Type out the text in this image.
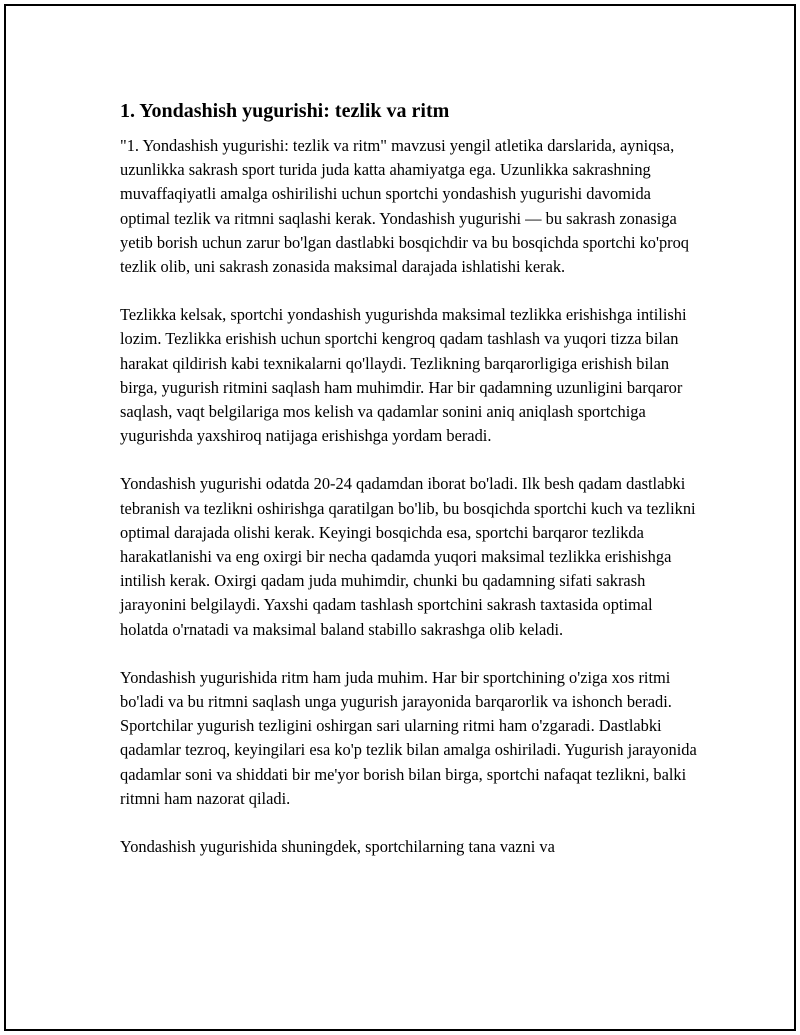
1. Yondashish yugurishi: tezlik va ritm

"1. Yondashish yugurishi: tezlik va ritm" mavzusi yengil atletika darslarida, ayniqsa, uzunlikka sakrash sport turida juda katta ahamiyatga ega. Uzunlikka sakrashning muvaffaqiyatli amalga oshirilishi uchun sportchi yondashish yugurishi davomida optimal tezlik va ritmni saqlashi kerak. Yondashish yugurishi — bu sakrash zonasiga yetib borish uchun zarur bo'lgan dastlabki bosqichdir va bu bosqichda sportchi ko'proq tezlik olib, uni sakrash zonasida maksimal darajada ishlatishi kerak.

Tezlikka kelsak, sportchi yondashish yugurishda maksimal tezlikka erishishga intilishi lozim. Tezlikka erishish uchun sportchi kengroq qadam tashlash va yuqori tizza bilan harakat qildirish kabi texnikalarni qo'llaydi. Tezlikning barqarorligiga erishish bilan birga, yugurish ritmini saqlash ham muhimdir. Har bir qadamning uzunligini barqaror saqlash, vaqt belgilariga mos kelish va qadamlar sonini aniq aniqlash sportchiga yugurishda yaxshiroq natijaga erishishga yordam beradi.

Yondashish yugurishi odatda 20-24 qadamdan iborat bo'ladi. Ilk besh qadam dastlabki tebranish va tezlikni oshirishga qaratilgan bo'lib, bu bosqichda sportchi kuch va tezlikni optimal darajada olishi kerak. Keyingi bosqichda esa, sportchi barqaror tezlikda harakatlanishi va eng oxirgi bir necha qadamda yuqori maksimal tezlikka erishishga intilish kerak. Oxirgi qadam juda muhimdir, chunki bu qadamning sifati sakrash jarayonini belgilaydi. Yaxshi qadam tashlash sportchini sakrash taxtasida optimal holatda o'rnatadi va maksimal baland stabillo sakrashga olib keladi.

Yondashish yugurishida ritm ham juda muhim. Har bir sportchining o'ziga xos ritmi bo'ladi va bu ritmni saqlash unga yugurish jarayonida barqarorlik va ishonch beradi. Sportchilar yugurish tezligini oshirgan sari ularning ritmi ham o'zgaradi. Dastlabki qadamlar tezroq, keyingilari esa ko'p tezlik bilan amalga oshiriladi. Yugurish jarayonida qadamlar soni va shiddati bir me'yor borish bilan birga, sportchi nafaqat tezlikni, balki ritmni ham nazorat qiladi.

Yondashish yugurishida shuningdek, sportchilarning tana vazni va
